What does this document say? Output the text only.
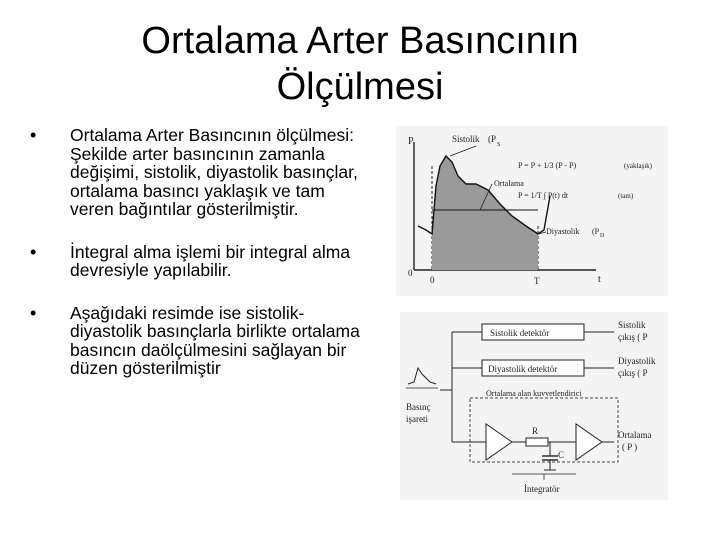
Ortalama Arter Basıncının
Ölçülmesi
• Ortalama Arter Basıncının ölçülmesi: Şekilde arter basıncının zamanla değişimi, sistolik, diyastolik basınçlar, ortalama basıncı yaklaşık ve tam veren bağıntılar gösterilmiştir.
• İntegral alma işlemi bir integral alma devresiyle yapılabilir.
• Aşağıdaki resimde ise sistolik-diyastolik basınçlarla birlikte ortalama basıncın daölçülmesini sağlayan bir düzen gösterilmiştir
P
t
0
0	T
Sistolik (P
S
Ortalama
Diyastolik (P D
P = P + 1/3 (P - P)	(yaklaşık)
P = 1/T ∫ P(t) dt	(tam)
Basınç
işareti
Sistolik detektör
Sistolik
çıkış ( P
Diyastolik detektör
Diyastolik
çıkış ( P
Ortalama alan kuvvetlendirici
R
C
Ortalama
( P )
İntegratör
